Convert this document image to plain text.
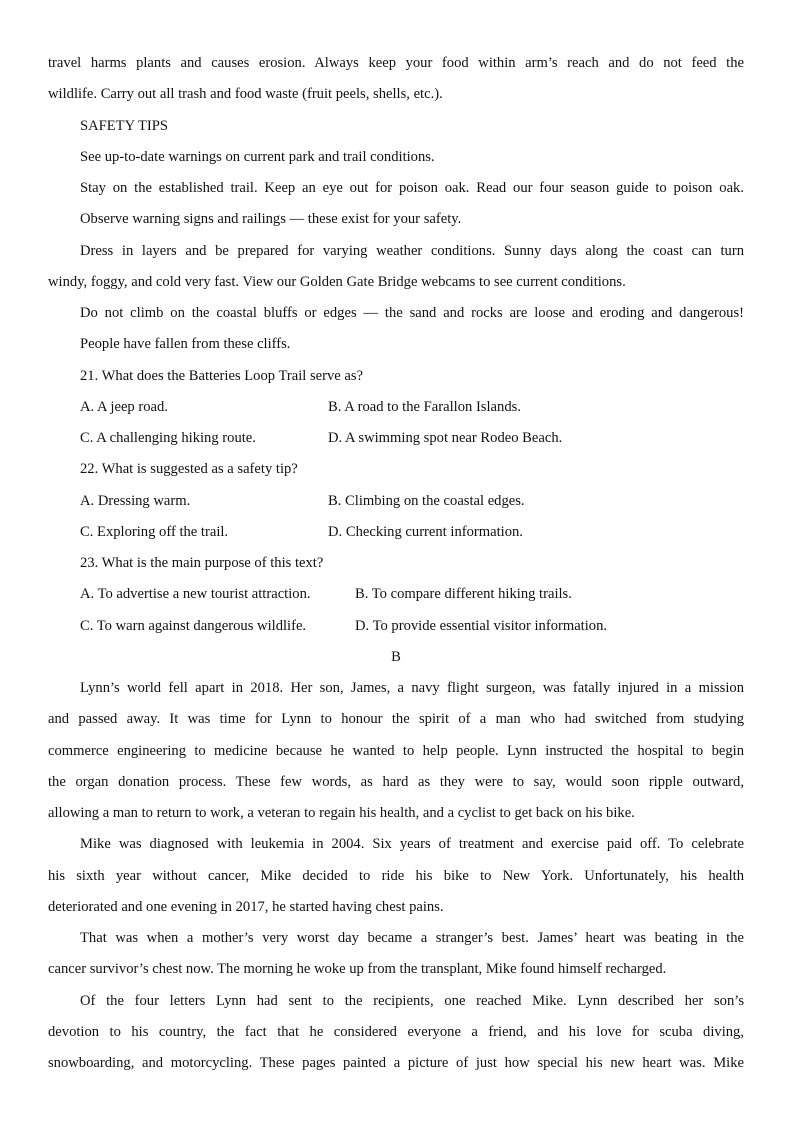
travel harms plants and causes erosion. Always keep your food within arm’s reach and do not feed the
wildlife. Carry out all trash and food waste (fruit peels, shells, etc.).
SAFETY TIPS
See up-to-date warnings on current park and trail conditions.
Stay on the established trail. Keep an eye out for poison oak. Read our four season guide to poison oak.
Observe warning signs and railings — these exist for your safety.
Dress in layers and be prepared for varying weather conditions. Sunny days along the coast can turn
windy, foggy, and cold very fast. View our Golden Gate Bridge webcams to see current conditions.
Do not climb on the coastal bluffs or edges — the sand and rocks are loose and eroding and dangerous!
People have fallen from these cliffs.
21. What does the Batteries Loop Trail serve as?
A. A jeep road.	B. A road to the Farallon Islands.
C. A challenging hiking route.	D. A swimming spot near Rodeo Beach.
22. What is suggested as a safety tip?
A. Dressing warm.	B. Climbing on the coastal edges.
C. Exploring off the trail.	D. Checking current information.
23. What is the main purpose of this text?
A. To advertise a new tourist attraction.	B. To compare different hiking trails.
C. To warn against dangerous wildlife.	D. To provide essential visitor information.
B
Lynn’s world fell apart in 2018. Her son, James, a navy flight surgeon, was fatally injured in a mission
and passed away. It was time for Lynn to honour the spirit of a man who had switched from studying
commerce engineering to medicine because he wanted to help people. Lynn instructed the hospital to begin
the organ donation process. These few words, as hard as they were to say, would soon ripple outward,
allowing a man to return to work, a veteran to regain his health, and a cyclist to get back on his bike.
Mike was diagnosed with leukemia in 2004. Six years of treatment and exercise paid off. To celebrate
his sixth year without cancer, Mike decided to ride his bike to New York. Unfortunately, his health
deteriorated and one evening in 2017, he started having chest pains.
That was when a mother’s very worst day became a stranger’s best. James’ heart was beating in the
cancer survivor’s chest now. The morning he woke up from the transplant, Mike found himself recharged.
Of the four letters Lynn had sent to the recipients, one reached Mike. Lynn described her son’s
devotion to his country, the fact that he considered everyone a friend, and his love for scuba diving,
snowboarding, and motorcycling. These pages painted a picture of just how special his new heart was. Mike
